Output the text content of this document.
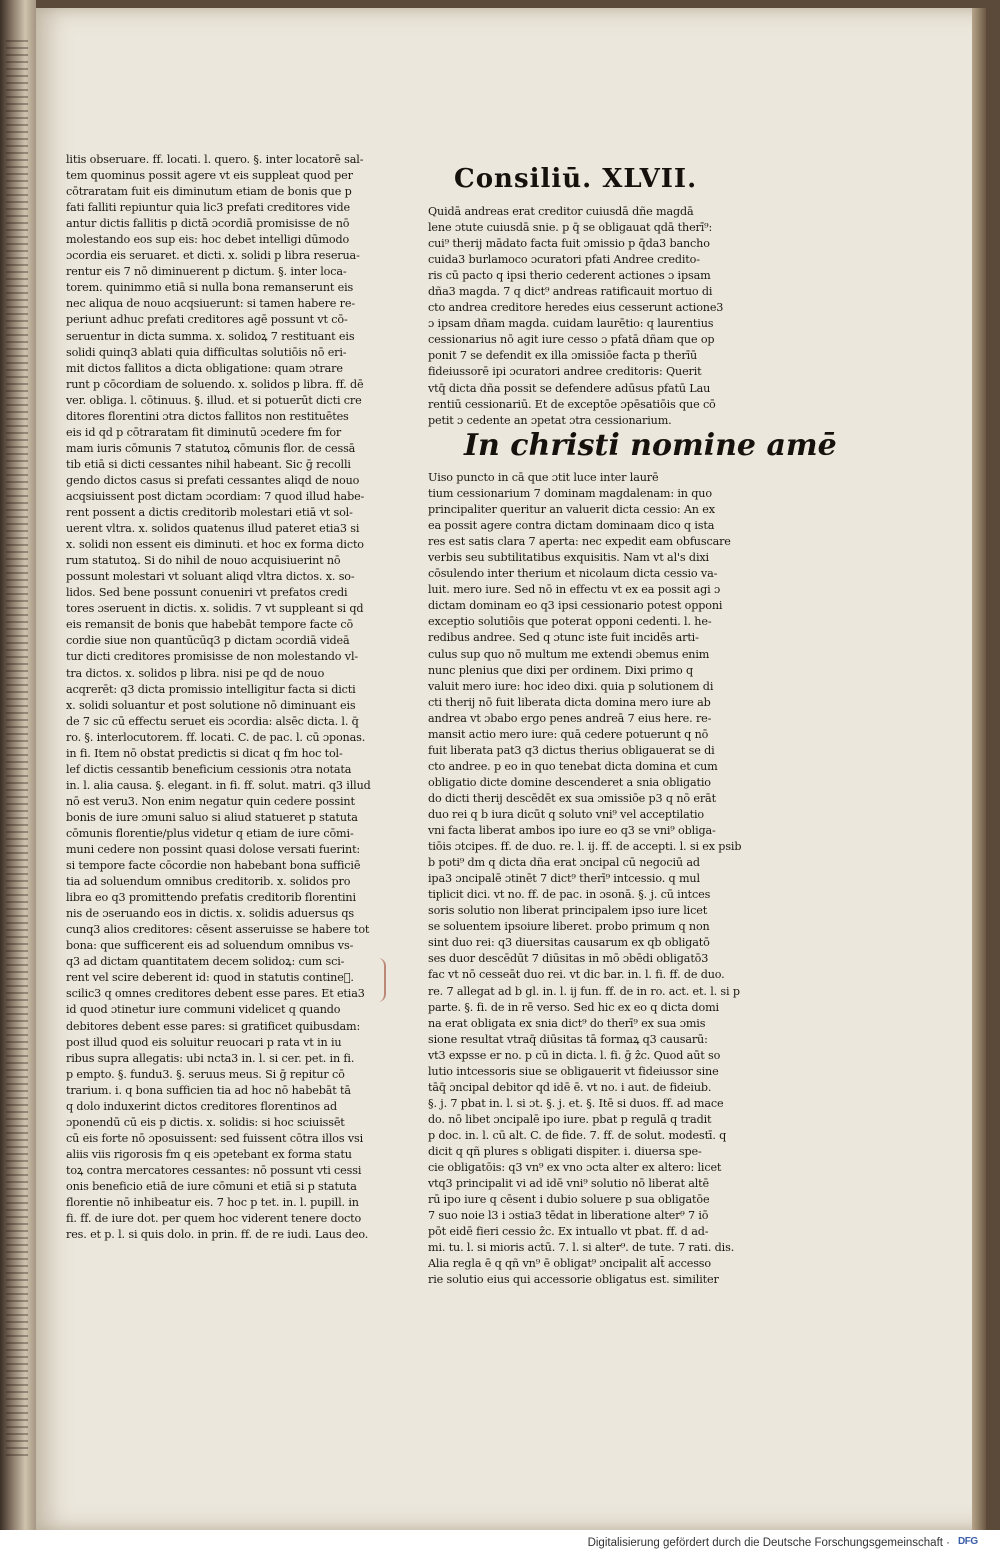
litis obseruare. ff. locati. l. quero. §. inter locatorē sal-
tem quominus possit agere vt eis suppleat quod per
cōtraratam fuit eis diminutum etiam de bonis que p
fati falliti repiuntur quia lic3 prefati creditores vide
antur dictis fallitis p dictā ɔcordiā promisisse de nō
molestando eos sup eis: hoc debet intelligi dūmodo
ɔcordia eis seruaret. et dicti. x. solidi p libra reserua-
rentur eis 7 nō diminuerent p dictum. §. inter loca-
torem. quinimmo etiā si nulla bona remanserunt eis
nec aliqua de nouo acqsiuerunt: si tamen habere re-
periunt adhuc prefati creditores agē possunt vt cō-
seruentur in dicta summa. x. solidoꝝ 7 restituant eis
solidi quinq3 ablati quia difficultas solutiōis nō eri-
mit dictos fallitos a dicta obligatione: quam ɔtrare
runt p cōcordiam de soluendo. x. solidos p libra. ff. dē
ver. obliga. l. cōtinuus. §. illud. et si potuerūt dicti cre
ditores florentini ɔtra dictos fallitos non restituētes
eis id qd p cōtraratam fit diminutū ɔcedere fm for
mam iuris cōmunis 7 statutoꝝ cōmunis flor. de cessā
tib etiā si dicti cessantes nihil habeant. Sic ḡ recolli
gendo dictos casus si prefati cessantes aliqd de nouo
acqsiuissent post dictam ɔcordiam: 7 quod illud habe-
rent possent a dictis creditorib molestari etiā vt sol-
uerent vltra. x. solidos quatenus illud pateret etia3 si
x. solidi non essent eis diminuti. et hoc ex forma dicto
rum statutoꝝ. Si do nihil de nouo acquisiuerint nō
possunt molestari vt soluant aliqd vltra dictos. x. so-
lidos. Sed bene possunt conueniri vt prefatos credi
tores ɔseruent in dictis. x. solidis. 7 vt suppleant si qd
eis remansit de bonis que habebāt tempore facte cō
cordie siue non quantūcūq3 p dictam ɔcordiā videā
tur dicti creditores promisisse de non molestando vl-
tra dictos. x. solidos p libra. nisi pe qd de nouo
acqrerēt: q3 dicta promissio intelligitur facta si dicti
x. solidi soluantur et post solutione nō diminuant eis
de 7 sic cū effectu seruet eis ɔcordia: alsēc dicta. l. q̄
ro. §. interlocutorem. ff. locati. C. de pac. l. cū ɔponas.
in fi. Item nō obstat predictis si dicat q fm hoc tol-
lef dictis cessantib beneficium cessionis ɔtra notata
in. l. alia causa. §. elegant. in fi. ff. solut. matri. q3 illud
nō est veru3. Non enim negatur quin cedere possint
bonis de iure ɔmuni saluo si aliud statueret p statuta
cōmunis florentie/plus videtur q etiam de iure cōmi-
muni cedere non possint quasi dolose versati fuerint:
si tempore facte cōcordie non habebant bona sufficiē
tia ad soluendum omnibus creditorib. x. solidos pro
libra eo q3 promittendo prefatis creditorib florentini
nis de ɔseruando eos in dictis. x. solidis aduersus qs
cunq3 alios creditores: cēsent asseruisse se habere tot
bona: que sufficerent eis ad soluendum omnibus vs-
q3 ad dictam quantitatem decem solidoꝝ: cum sci-
rent vel scire deberent id: quod in statutis contineᷓ.
scilic3 q omnes creditores debent esse pares. Et etia3
id quod ɔtinetur iure communi videlicet q quando
debitores debent esse pares: si gratificet quibusdam:
post illud quod eis soluitur reuocari p rata vt in iu
ribus supra allegatis: ubi ncta3 in. l. si cer. pet. in fi.
p empto. §. fundu3. §. seruus meus. Si ḡ repitur cō
trarium. i. q bona sufficien tia ad hoc nō habebāt tā
q dolo induxerint dictos creditores florentinos ad
ɔponendū cū eis p dictis. x. solidis: si hoc sciuissēt
cū eis forte nō ɔposuissent: sed fuissent cōtra illos vsi
aliis viis rigorosis fm q eis ɔpetebant ex forma statu
toꝝ contra mercatores cessantes: nō possunt vti cessi
onis beneficio etiā de iure cōmuni et etiā si p statuta
florentie nō inhibeatur eis. 7 hoc p tet. in. l. pupill. in
fi. ff. de iure dot. per quem hoc viderent tenere docto
res. et p. l. si quis dolo. in prin. ff. de re iudi. Laus deo.
Consiliū. XLVII.
Quidā andreas erat creditor cuiusdā dñe magdā
lene ɔtute cuiusdā snie. p q̄ se obligauat qdā therī⁹:
cui⁹ therij mādato facta fuit ɔmissio p q̄da3 bancho
cuida3 burlamoco ɔcuratori pfati Andree credito-
ris cū pacto q ipsi therio cederent actiones ɔ ipsam
dña3 magda. 7 q dict⁹ andreas ratificauit mortuo di
cto andrea creditore heredes eius cesserunt actione3
ɔ ipsam dñam magda. cuidam laurētio: q laurentius
cessionarius nō agit iure cesso ɔ pfatā dñam que op
ponit 7 se defendit ex illa ɔmissiōe facta p therīū
fideiussorē ipi ɔcuratori andree creditoris: Querit
vtq̄ dicta dña possit se defendere adūsus pfatū Lau
rentiū cessionariū. Et de exceptōe ɔpēsatiōis que cō
petit ɔ cedente an ɔpetat ɔtra cessionarium.
In christi nomine amē
Uiso puncto in cā que ɔtit luce inter laurē
tium cessionarium 7 dominam magdalenam: in quo
principaliter queritur an valuerit dicta cessio: An ex
ea possit agere contra dictam dominaam dico q ista
res est satis clara 7 aperta: nec expedit eam obfuscare
verbis seu subtilitatibus exquisitis. Nam vt al's dixi
cōsulendo inter therium et nicolaum dicta cessio va-
luit. mero iure. Sed nō in effectu vt ex ea possit agi ɔ
dictam dominam eo q3 ipsi cessionario potest opponi
exceptio solutiōis que poterat opponi cedenti. l. he-
redibus andree. Sed q ɔtunc iste fuit incidēs arti-
culus sup quo nō multum me extendi ɔbemus enim
nunc plenius que dixi per ordinem. Dixi primo q
valuit mero iure: hoc ideo dixi. quia p solutionem di
cti therij nō fuit liberata dicta domina mero iure ab
andrea vt ɔbabo ergo penes andreā 7 eius here. re-
mansit actio mero iure: quā cedere potuerunt q nō
fuit liberata pat3 q3 dictus therius obligauerat se di
cto andree. p eo in quo tenebat dicta domina et cum
obligatio dicte domine descenderet a snia obligatio
do dicti therij descēdēt ex sua ɔmissiōe p3 q nō erāt
duo rei q b iura dicūt q soluto vni⁹ vel acceptilatio
vni facta liberat ambos ipo iure eo q3 se vni⁹ obliga-
tiōis ɔtcipes. ff. de duo. re. l. ij. ff. de accepti. l. si ex psib
b poti⁹ dm q dicta dña erat ɔncipal cū negociū ad
ipa3 ɔncipalē ɔtinēt 7 dict⁹ therī⁹ intcessio. q mul
tiplicit dici. vt no. ff. de pac. in ɔsonā. §. j. cū intces
soris solutio non liberat principalem ipso iure licet
se soluentem ipsoiure liberet. probo primum q non
sint duo rei: q3 diuersitas causarum ex qb obligatō
ses duor descēdūt 7 diūsitas in mō ɔbēdi obligatō3
fac vt nō cesseāt duo rei. vt dic bar. in. l. fi. ff. de duo.
re. 7 allegat ad b gl. in. l. ij fun. ff. de in ro. act. et. l. si p
parte. §. fi. de in rē verso. Sed hic ex eo q dicta domi
na erat obligata ex snia dict⁹ do therī⁹ ex sua ɔmis
sione resultat vtraq̄ diūsitas tā formaꝝ q3 causarū:
vt3 expsse er no. p cū in dicta. l. fi. ḡ ẑc. Quod aūt so
lutio intcessoris siue se obligauerit vt fideiussor sine
tāq̄ ɔncipal debitor qd idē ē. vt no. i aut. de fideiub.
§. j. 7 pbat in. l. si ɔt. §. j. et. §. Itē si duos. ff. ad mace
do. nō libet ɔncipalē ipo iure. pbat p regulā q tradit
p doc. in. l. cū alt. C. de fide. 7. ff. de solut. modestī. q
dicit q qñ plures s obligati dispiter. i. diuersa spe-
cie obligatōis: q3 vn⁹ ex vno ɔcta alter ex altero: licet
vtq3 principalit vi ad idē vni⁹ solutio nō liberat altē
rū ipo iure q cēsent i dubio soluere p sua obligatōe
7 suo noie l3 i ɔstia3 tēdat in liberatione alter⁹ 7 iō
pōt eidē fieri cessio ẑc. Ex intuallo vt pbat. ff. d ad-
mi. tu. l. si mioris actū. 7. l. si alter⁹. de tute. 7 rati. dis.
Alia regla ē q qñ vn⁹ ē obligat⁹ ɔncipalit alt̄ accesso
rie solutio eius qui accessorie obligatus est. similiter
Digitalisierung gefördert durch die Deutsche Forschungsgemeinschaft · DFG
